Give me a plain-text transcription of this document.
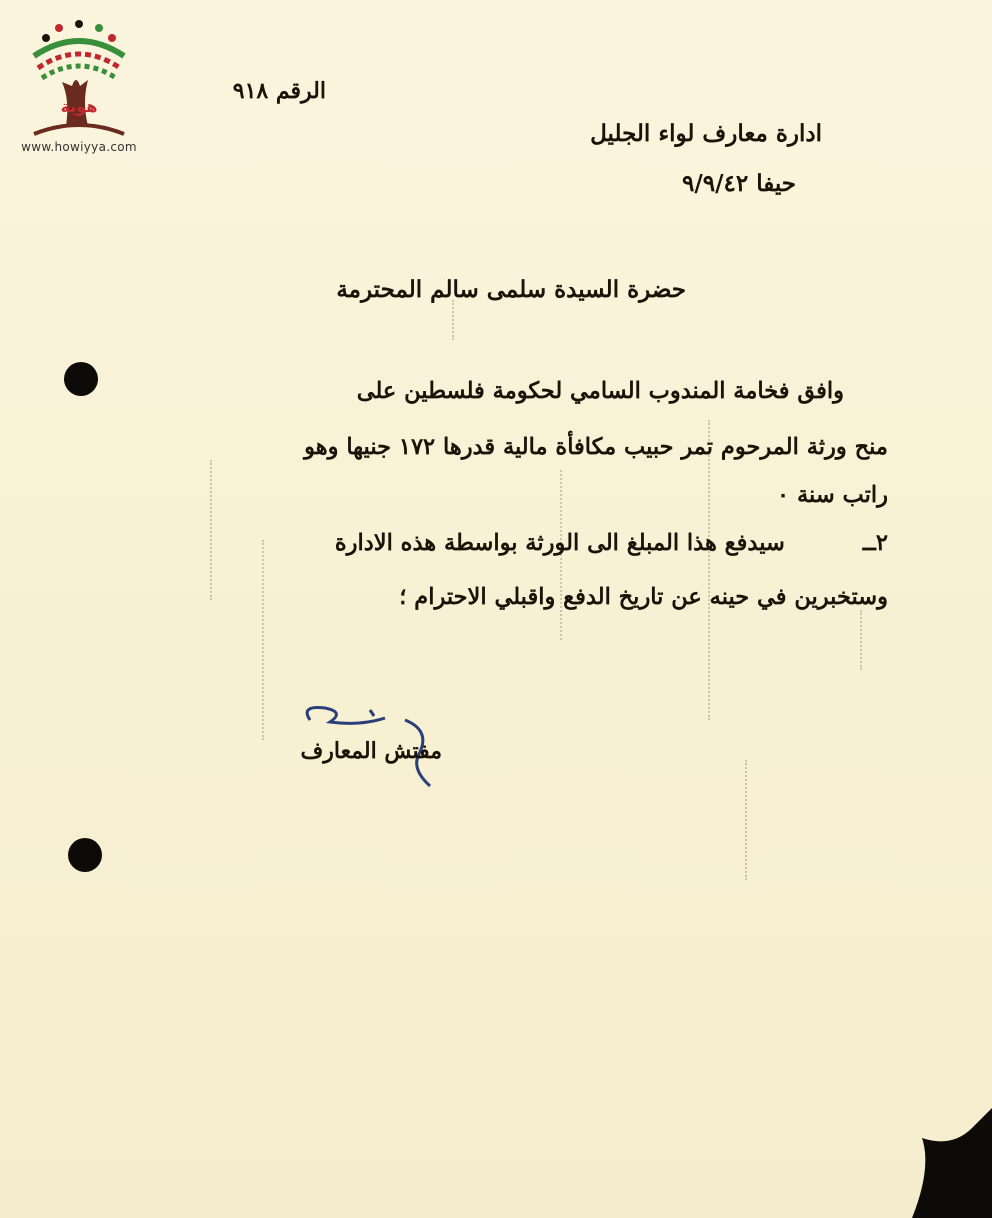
هوية
www.howiyya.com
الرقم ٩١٨
ادارة معارف لواء الجليل
حيفا ٩/٩/٤٢
حضرة السيدة سلمى سالم المحترمة
وافق فخامة المندوب السامي لحكومة فلسطين على
منح ورثة المرحوم تمر حبيب مكافأة مالية قدرها ١٧٢ جنيها وهو
راتب سنة ٠
٢ــ سيدفع هذا المبلغ الى الورثة بواسطة هذه الادارة
وستخبرين في حينه عن تاريخ الدفع واقبلي الاحترام ؛
مفتش المعارف
